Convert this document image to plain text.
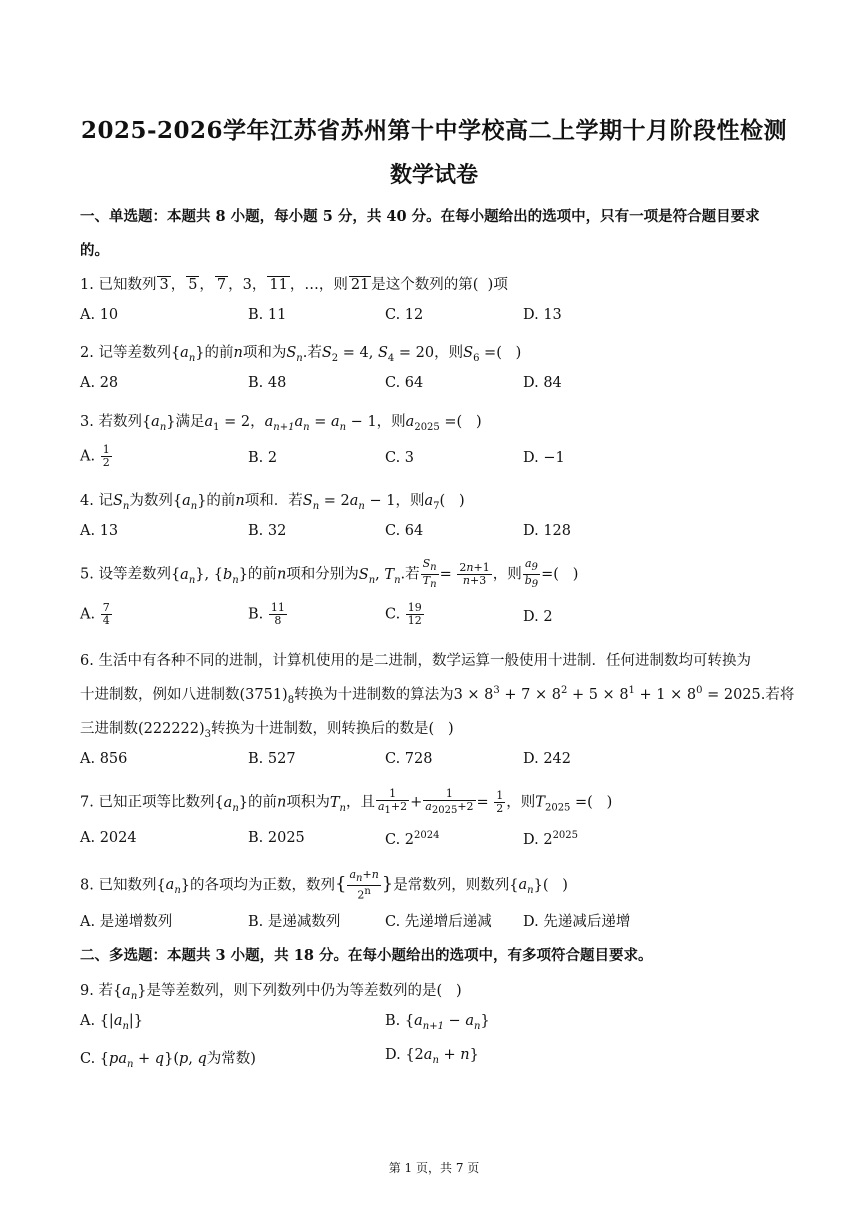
2025-2026学年江苏省苏州第十中学校高二上学期十月阶段性检测
数学试卷
一、单选题：本题共 8 小题，每小题 5 分，共 40 分。在每小题给出的选项中，只有一项是符合题目要求
的。
1. 已知数列 3 ， 5 ， 7 ，3， 11 ，…，则 21 是这个数列的第(  )项
A. 10	B. 11	C. 12	D. 13
2. 记等差数列$\{a_n\}$的前n项和为$S_n$.若$S_2 = 4$, $S_4 = 20$，则$S_6$ =(   )
A. 28	B. 48	C. 64	D. 84
3. 若数列$\{a_n\}$满足$a_1 = 2$，$a_{n+1}a_n = a_n - 1$，则$a_{2025}$ =(   )
A. $\frac{1}{2}$	B. 2	C. 3	D. −1
4. 记$S_n$为数列$\{a_n\}$的前n项和．若$S_n = 2a_n - 1$，则$a_7$(   )
A. 13	B. 32	C. 64	D. 128
5. 设等差数列$\{a_n\}$, $\{b_n\}$的前n项和分别为$S_n$, $T_n$.若 $\frac{S_n}{T_n} = \frac{2n+1}{n+3}$ ，则 $\frac{a_9}{b_9}$ =(   )
A. $\frac{7}{4}$	B. $\frac{11}{8}$	C. $\frac{19}{12}$	D. 2
6. 生活中有各种不同的进制，计算机使用的是二进制，数学运算一般使用十进制．任何进制数均可转换为
十进制数，例如八进制数$(3751)_8$转换为十进制数的算法为$3 \times 8^3 + 7 \times 8^2 + 5 \times 8^1 + 1 \times 8^0 = 2025$.若将
三进制数$(222222)_3$转换为十进制数，则转换后的数是(   )
A. 856	B. 527	C. 728	D. 242
7. 已知正项等比数列$\{a_n\}$的前n项积为$T_n$，且 $\frac{1}{a_1+2} + \frac{1}{a_{2025}+2} = \frac{1}{2}$ ，则$T_{2025}$ =(   )
A. 2024	B. 2025	C. $2^{2024}$	D. $2^{2025}$
8. 已知数列$\{a_n\}$的各项均为正数，数列{ $\frac{a_n+n}{2^n}$ }是常数列，则数列$\{a_n\}$(   )
A. 是递增数列	B. 是递减数列	C. 先递增后递减 D. 先递减后递增
二、多选题：本题共 3 小题，共 18 分。在每小题给出的选项中，有多项符合题目要求。
9. 若$\{a_n\}$是等差数列，则下列数列中仍为等差数列的是(   )
A. $\{|a_n|\}$	B. $\{a_{n+1} - a_n\}$
C. $\{pa_n + q\}(p$, q为常数)	D. $\{2a_n + n\}$
第 1 页，共 7 页
